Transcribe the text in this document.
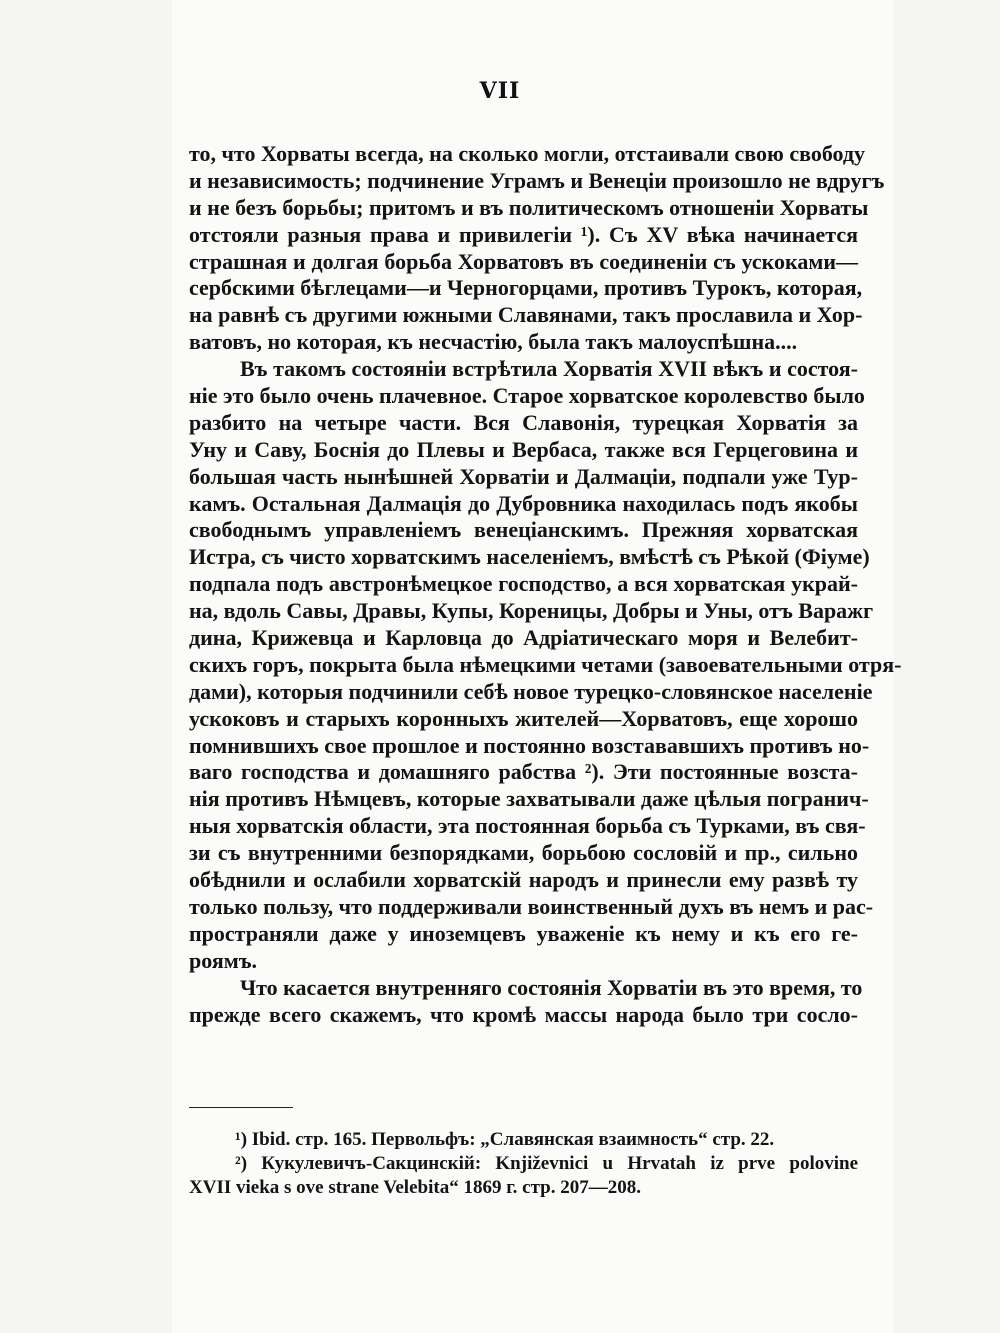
VII
то, что Хорваты всегда, на сколько могли, отстаивали свою свободу
и независимость; подчинение Уграмъ и Венеціи произошло не вдругъ
и не безъ борьбы; притомъ и въ политическомъ отношеніи Хорваты
отстояли разныя права и привилегіи ¹). Съ XV вѣка начинается
страшная и долгая борьба Хорватовъ въ соединеніи съ ускоками—
сербскими бѣглецами—и Черногорцами, противъ Турокъ, которая,
на равнѣ съ другими южными Славянами, такъ прославила и Хор-
ватовъ, но которая, къ несчастію, была такъ малоуспѣшна....
Въ такомъ состояніи встрѣтила Хорватія XVII вѣкъ и состоя-
ніе это было очень плачевное. Старое хорватское королевство было
разбито на четыре части. Вся Славонія, турецкая Хорватія за
Уну и Саву, Боснія до Плевы и Вербаса, также вся Герцеговина и
большая часть нынѣшней Хорватіи и Далмаціи, подпали уже Тур-
камъ. Остальная Далмація до Дубровника находилась подъ якобы
свободнымъ управленіемъ венеціанскимъ. Прежняя хорватская
Истра, съ чисто хорватскимъ населеніемъ, вмѣстѣ съ Рѣкой (Фіуме)
подпала подъ австронѣмецкое господство, а вся хорватская украй-
на, вдоль Савы, Дравы, Купы, Кореницы, Добры и Уны, отъ Варажг
дина, Крижевца и Карловца до Адріатическаго моря и Велебит-
скихъ горъ, покрыта была нѣмецкими четами (завоевательными отря-
дами), которыя подчинили себѣ новое турецко-словянское населеніе
ускоковъ и старыхъ коронныхъ жителей—Хорватовъ, еще хорошо
помнившихъ свое прошлое и постоянно возстававшихъ противъ но-
ваго господства и домашняго рабства ²). Эти постоянные возста-
нія противъ Нѣмцевъ, которые захватывали даже цѣлыя погранич-
ныя хорватскія области, эта постоянная борьба съ Турками, въ свя-
зи съ внутренними безпорядками, борьбою сословій и пр., сильно
обѣднили и ослабили хорватскій народъ и принесли ему развѣ ту
только пользу, что поддерживали воинственный духъ въ немъ и рас-
пространяли даже у иноземцевъ уваженіе къ нему и къ его ге-
роямъ.
Что касается внутренняго состоянія Хорватіи въ это время, то
прежде всего скажемъ, что кромѣ массы народа было три сосло-
¹) Ibid. стр. 165. Первольфъ: „Славянская взаимность“ стр. 22.
²) Кукулевичъ-Сакцинскій: Književnici u Hrvatah iz prve polovine
XVII vieka s ove strane Velebita“ 1869 г. стр. 207—208.
